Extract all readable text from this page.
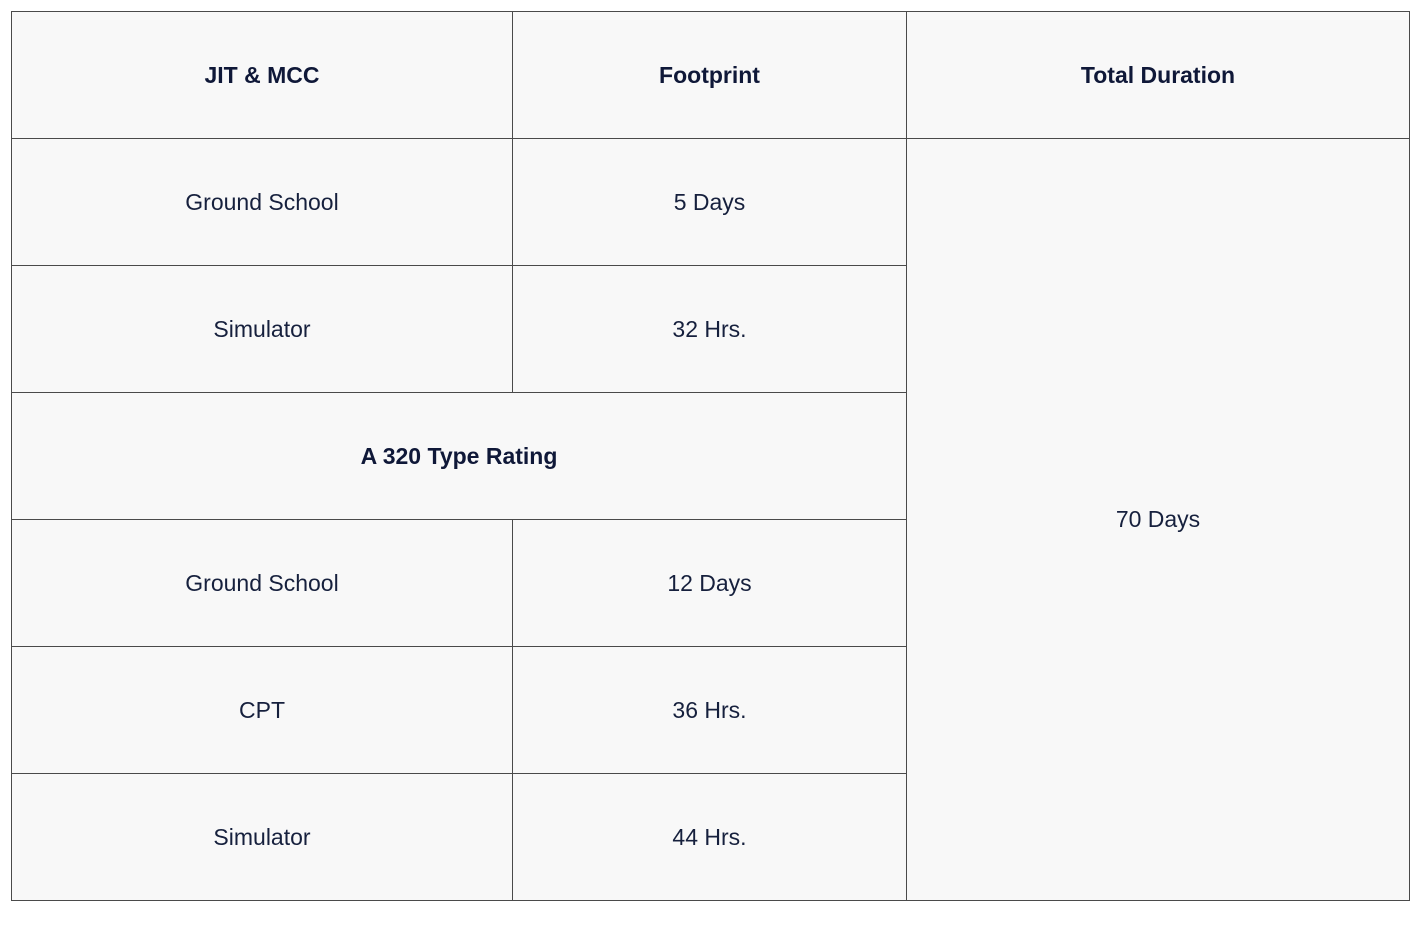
JIT & MCC	Footprint	Total Duration
Ground School	5 Days	70 Days
Simulator	32 Hrs.	
A 320 Type Rating		
Ground School	12 Days	
CPT	36 Hrs.	
Simulator	44 Hrs.	
